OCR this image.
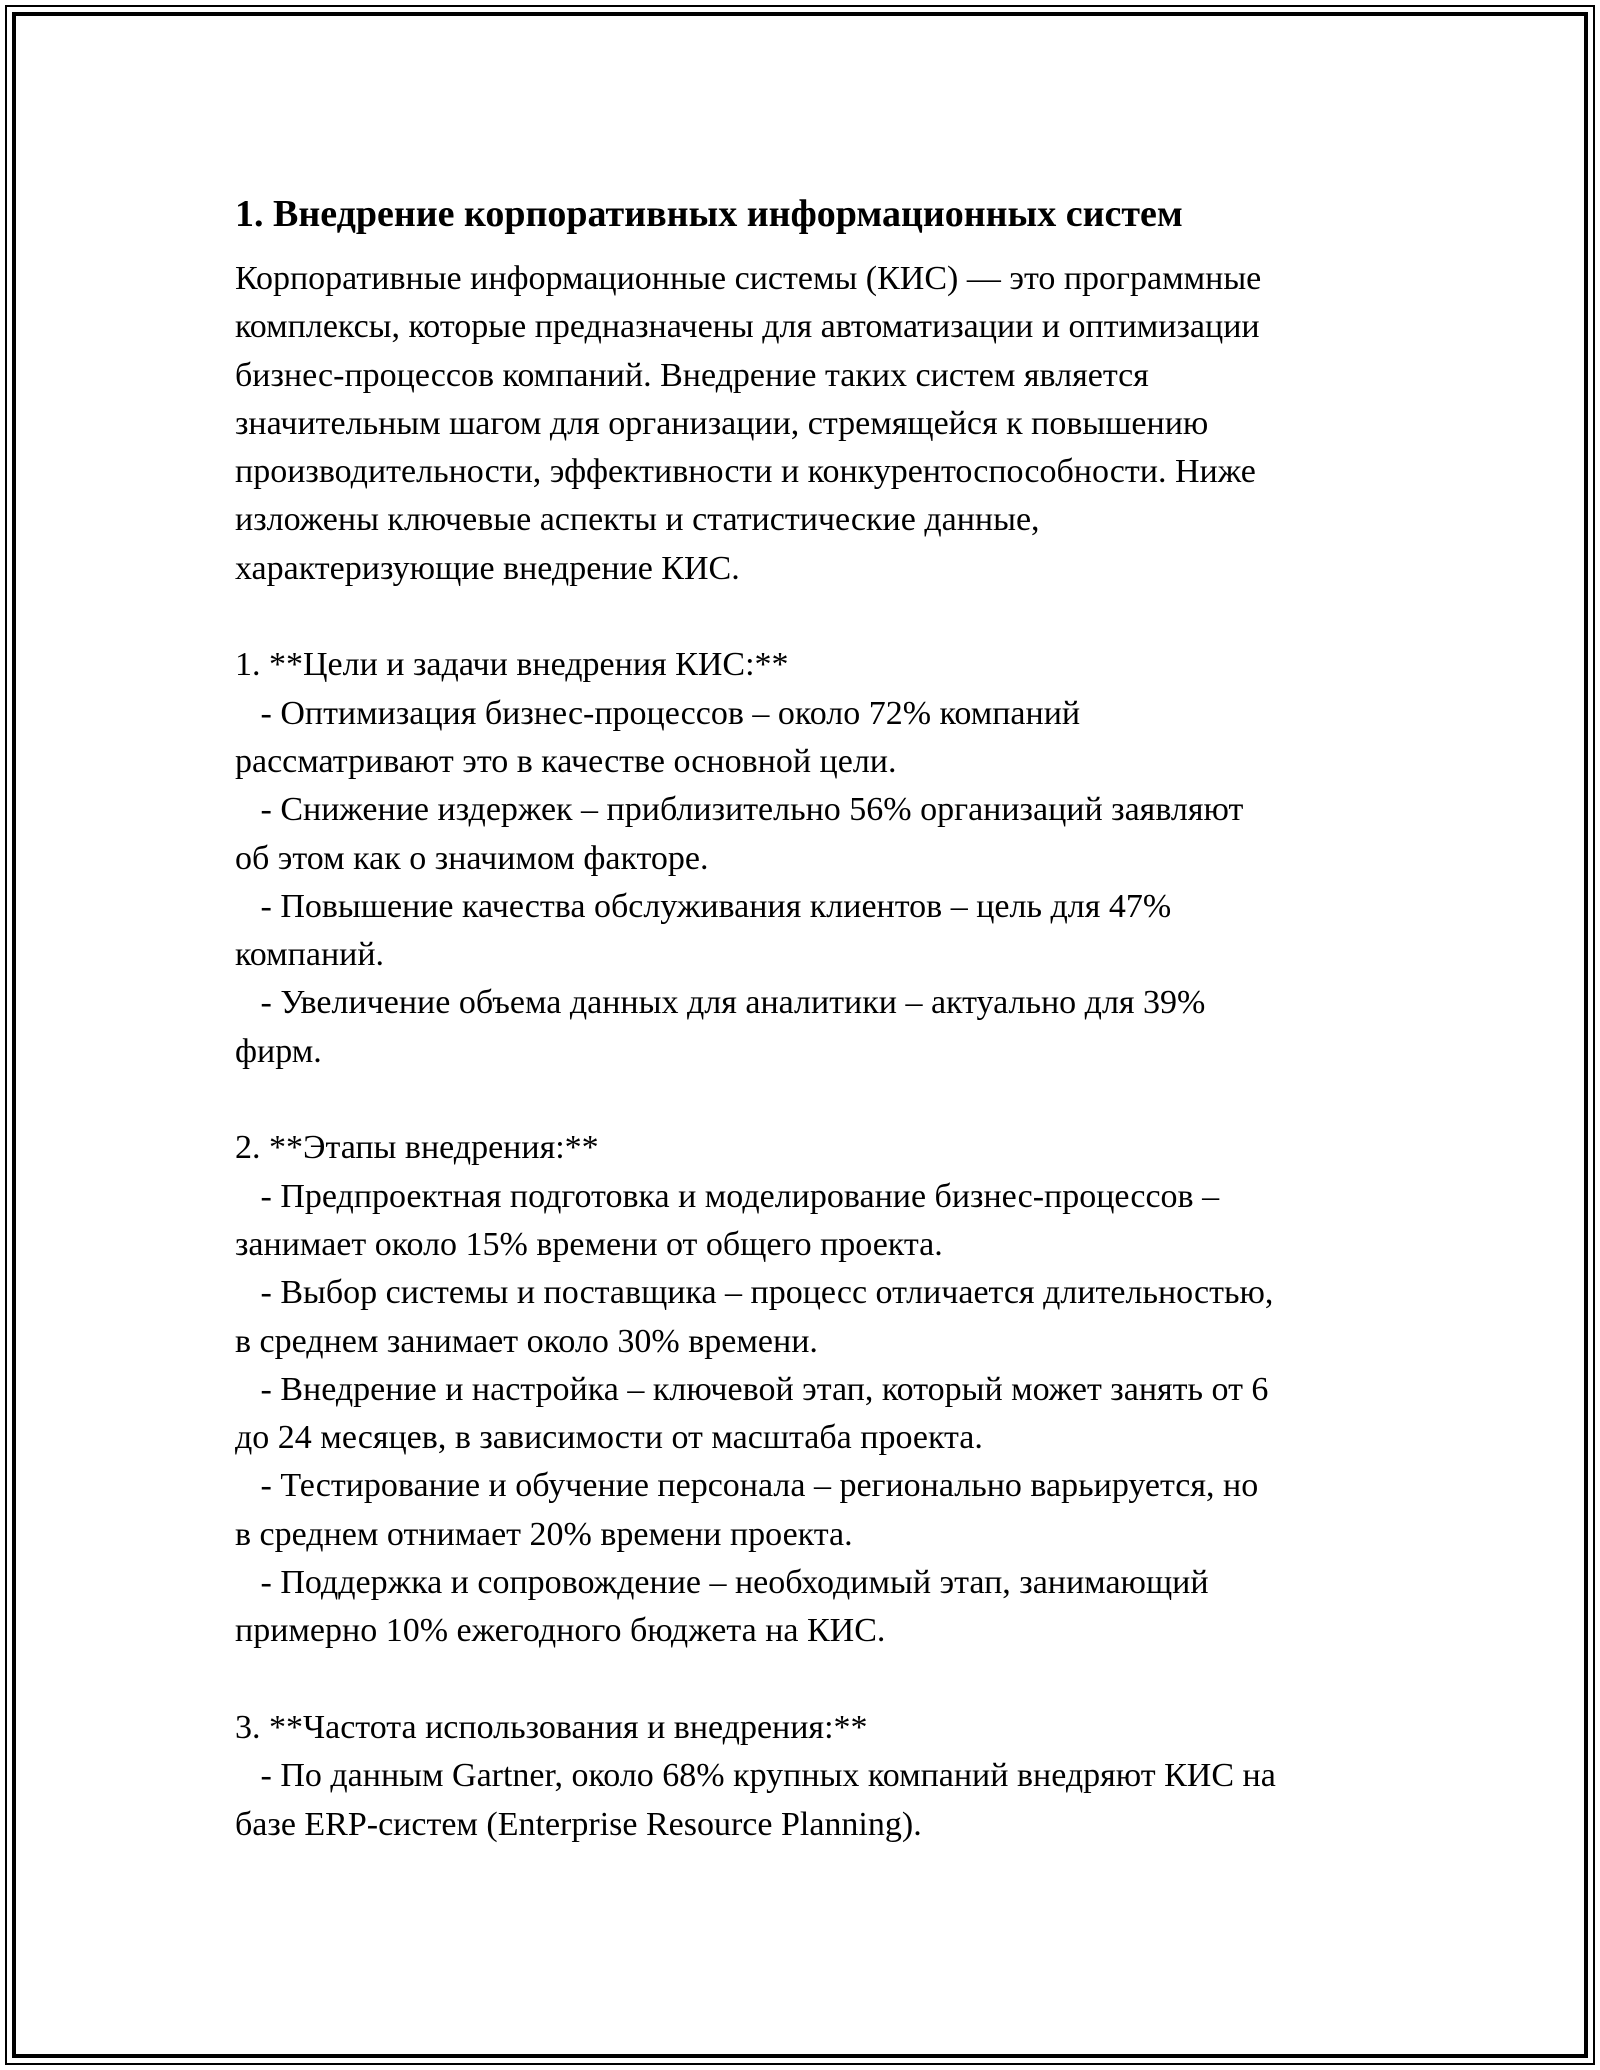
1. Внедрение корпоративных информационных систем

Корпоративные информационные системы (КИС) — это программные
комплексы, которые предназначены для автоматизации и оптимизации
бизнес-процессов компаний. Внедрение таких систем является
значительным шагом для организации, стремящейся к повышению
производительности, эффективности и конкурентоспособности. Ниже
изложены ключевые аспекты и статистические данные,
характеризующие внедрение КИС.

1. **Цели и задачи внедрения КИС:**

- Оптимизация бизнес-процессов – около 72% компаний
рассматривают это в качестве основной цели.

- Снижение издержек – приблизительно 56% организаций заявляют
об этом как о значимом факторе.

- Повышение качества обслуживания клиентов – цель для 47%
компаний.

- Увеличение объема данных для аналитики – актуально для 39%
фирм.

2. **Этапы внедрения:**

- Предпроектная подготовка и моделирование бизнес-процессов –
занимает около 15% времени от общего проекта.

- Выбор системы и поставщика – процесс отличается длительностью,
в среднем занимает около 30% времени.

- Внедрение и настройка – ключевой этап, который может занять от 6
до 24 месяцев, в зависимости от масштаба проекта.

- Тестирование и обучение персонала – регионально варьируется, но
в среднем отнимает 20% времени проекта.

- Поддержка и сопровождение – необходимый этап, занимающий
примерно 10% ежегодного бюджета на КИС.

3. **Частота использования и внедрения:**

- По данным Gartner, около 68% крупных компаний внедряют КИС на
базе ERP-систем (Enterprise Resource Planning).
